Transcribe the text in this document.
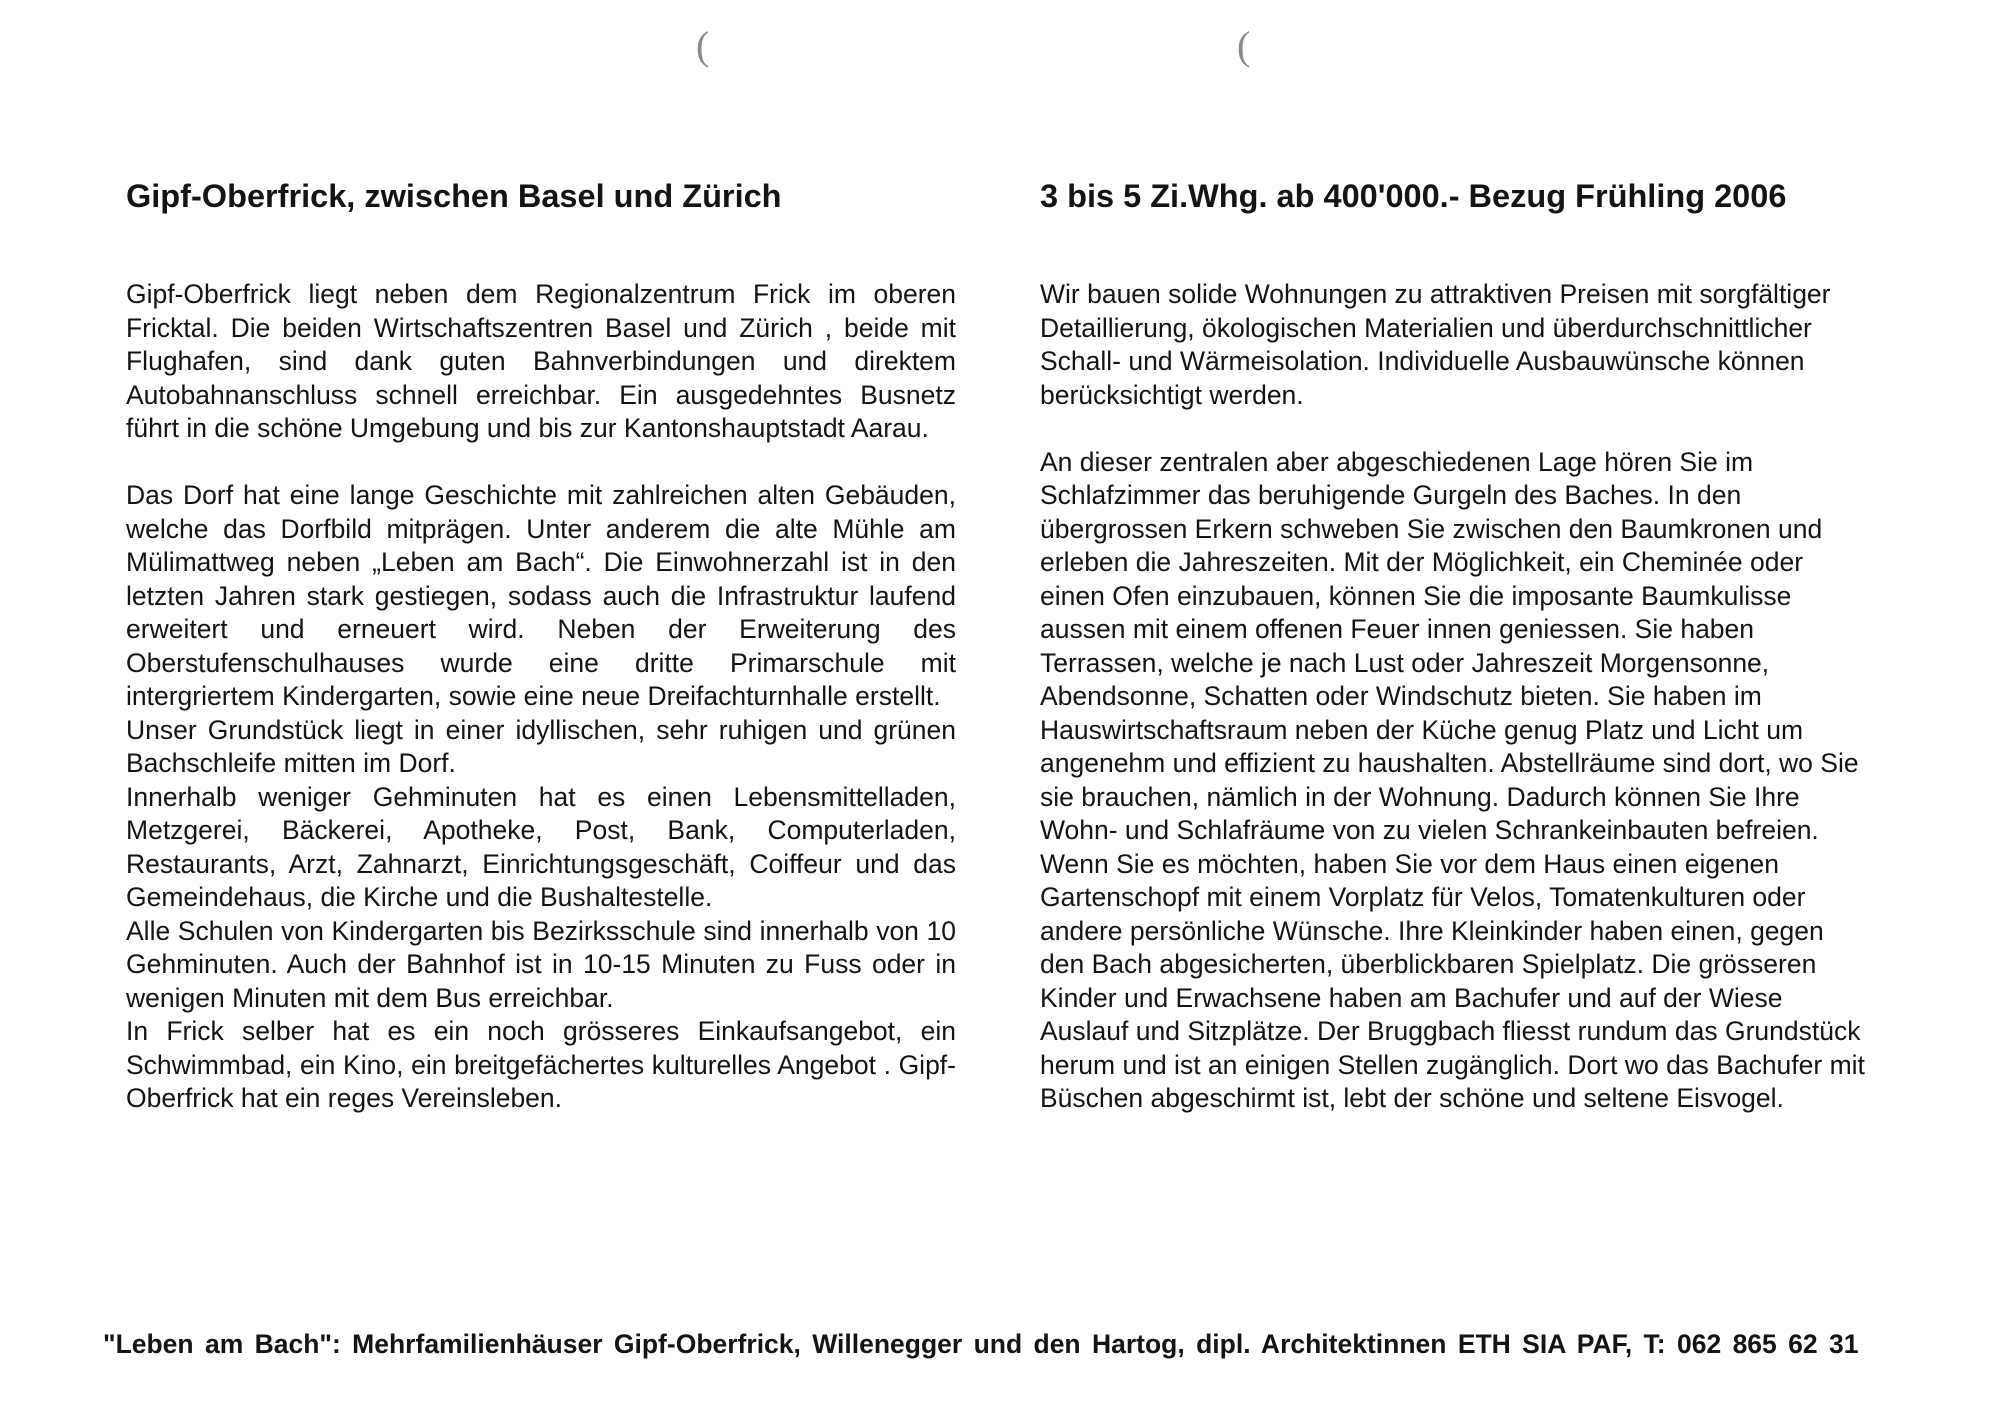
(	(
Gipf-Oberfrick, zwischen Basel und Zürich	3 bis 5 Zi.Whg. ab 400'000.- Bezug Frühling 2006

Gipf-Oberfrick liegt neben dem Regionalzentrum Frick im oberen Fricktal. Die beiden Wirtschaftszentren Basel und Zürich , beide mit Flughafen, sind dank guten Bahnverbindungen und direktem Autobahnanschluss schnell erreichbar. Ein ausgedehntes Busnetz führt in die schöne Umgebung und bis zur Kantonshauptstadt Aarau.

Das Dorf hat eine lange Geschichte mit zahlreichen alten Gebäuden, welche das Dorfbild mitprägen. Unter anderem die alte Mühle am Mülimattweg neben „Leben am Bach“. Die Einwohnerzahl ist in den letzten Jahren stark gestiegen, sodass auch die Infrastruktur laufend erweitert und erneuert wird. Neben der Erweiterung des Oberstufenschulhauses wurde eine dritte Primarschule mit intergriertem Kindergarten, sowie eine neue Dreifachturnhalle erstellt.

Unser Grundstück liegt in einer idyllischen, sehr ruhigen und grünen Bachschleife mitten im Dorf.

Innerhalb weniger Gehminuten hat es einen Lebensmittelladen, Metzgerei, Bäckerei, Apotheke, Post, Bank, Computerladen, Restaurants, Arzt, Zahnarzt, Einrichtungsgeschäft, Coiffeur und das Gemeindehaus, die Kirche und die Bushaltestelle.

Alle Schulen von Kindergarten bis Bezirksschule sind innerhalb von 10 Gehminuten. Auch der Bahnhof ist in 10-15 Minuten zu Fuss oder in wenigen Minuten mit dem Bus erreichbar.

In Frick selber hat es ein noch grösseres Einkaufsangebot, ein Schwimmbad, ein Kino, ein breitgefächertes kulturelles Angebot . Gipf-Oberfrick hat ein reges Vereinsleben.

Wir bauen solide Wohnungen zu attraktiven Preisen mit sorgfältiger Detaillierung, ökologischen Materialien und überdurchschnittlicher Schall- und Wärmeisolation. Individuelle Ausbauwünsche können berücksichtigt werden.

An dieser zentralen aber abgeschiedenen Lage hören Sie im Schlafzimmer das beruhigende Gurgeln des Baches. In den übergrossen Erkern schweben Sie zwischen den Baumkronen und erleben die Jahreszeiten. Mit der Möglichkeit, ein Cheminée oder einen Ofen einzubauen, können Sie die imposante Baumkulisse aussen mit einem offenen Feuer innen geniessen. Sie haben Terrassen, welche je nach Lust oder Jahreszeit Morgensonne, Abendsonne, Schatten oder Windschutz bieten. Sie haben im Hauswirtschaftsraum neben der Küche genug Platz und Licht um angenehm und effizient zu haushalten. Abstellräume sind dort, wo Sie sie brauchen, nämlich in der Wohnung. Dadurch können Sie Ihre Wohn- und Schlafräume von zu vielen Schrankeinbauten befreien. Wenn Sie es möchten, haben Sie vor dem Haus einen eigenen Gartenschopf mit einem Vorplatz für Velos, Tomatenkulturen oder andere persönliche Wünsche. Ihre Kleinkinder haben einen, gegen den Bach abgesicherten, überblickbaren Spielplatz. Die grösseren Kinder und Erwachsene haben am Bachufer und auf der Wiese Auslauf und Sitzplätze. Der Bruggbach fliesst rundum das Grundstück herum und ist an einigen Stellen zugänglich. Dort wo das Bachufer mit Büschen abgeschirmt ist, lebt der schöne und seltene Eisvogel.

"Leben am Bach": Mehrfamilienhäuser Gipf-Oberfrick, Willenegger und den Hartog, dipl. Architektinnen ETH SIA PAF, T: 062 865 62 31
